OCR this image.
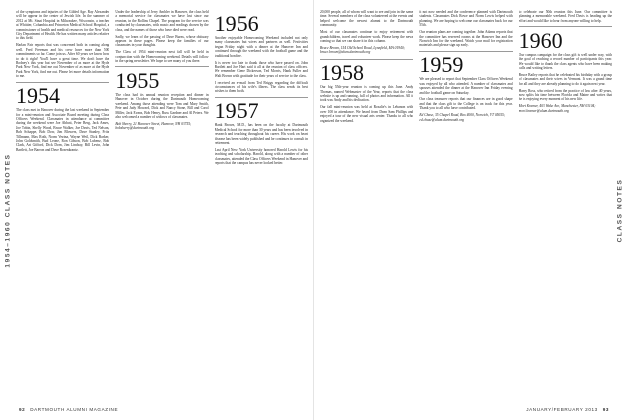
1954–1960 CLASS NOTES

of the symptoms and injuries of the Gilded Age. Ray Alexander will be appear in the center of Jewish life. In the summer of 2012 at Mt. Sinai Hospital in Milwaukee, Wisconsin, a teacher at Whittier, Columbia and Princeton Medical School Hospital, a commissioner of health and medical resources for the New York City Department of Health. He has written many articles relative to this field.

Harlan Fair reports that was concerned both in coming along well. Fred Freeman and his crew have more than 500 commitments so far. Come join us. After 60 years we know how to do it right! You'll have a great time. We don't have the Rodney's this year but see November of as more at the Hyde Park New York, find me out November of as more at the Hyde Park New York, find me out. Please let more details information to me.

1954

The class met in Hanover during the last weekend in September for a mini-reunion and Associate Board meeting during Class Officers Weekend. Classmates in attendance at committee during the weekend were Joe Abbott, Peter Berg, Jack Ames, Joe Tobin, Shelly Wood, Bruce Walker, Joe Davis, Ted Nelson, Bob Schappe, Bob Dow, Jim Blowers, Dave Stanley, Fritz Tillmann, Max Roth, Norm Vezina, Wayne Weil, Dick Barker, John Goldsmith, Bud Leone, Ron Gibson, Bob Lubenz, Bob Clark, Art Gifford, Dick Dorn, Jim Lindsay, Bill Levin, John Bartlett, Joe Barron and Dave Rosenkrantz.

Under the leadership of Jerry Ambler in Hanover, the class held a memorial service for classmates we have lost since our reunion, in the Rollins Chapel. The program for the service was conducted by classmates, with music and readings chosen by the class, and the names of those who have died were read.

Sadly, we learn of the passing of Dave Burns, whose obituary appears in these pages. Please keep the families of our classmates in your thoughts.

The Class of 1954 mini-reunion next fall will be held in conjunction with the Homecoming weekend. Details will follow in the spring newsletter. We hope to see many of you there.

1955

The class had its annual reunion reception and dinner in Hanover in October during the Dartmouth Homecoming weekend. Among those attending were Tom and Mary Smith, Pete and Judy Howard, Dick and Nancy Stone, Bill and Carol Miller, Jack Evans, Bob Henry, Russ Gardner and Al Peters. We also welcomed a number of widows of classmates.

Bob Sherry, 21 Hanover Street, Hanover, NH 03755; bobsherry@dartmouth.org
1956

Another enjoyable Homecoming Weekend included not only many classmates but wives and partners as well. Festivities began Friday night with a dinner at the Hanover Inn and continued through the weekend with the football game and the traditional bonfire.

It is never too late to thank those who have passed on. John Bartlett and Joe Hart said it all at the reunion of class officers. We remember Gene Dickerson, Ted Morris, Hank Fuller and Walt Brown with gratitude for their years of service to the class.

I received an e-mail from Ted Briggs regarding the difficult circumstances of his wife's illness. The class sends its best wishes to them both.

1957

Hank Brown, M.D., has been on the faculty at Dartmouth Medical School for more than 30 years and has been involved in research and teaching throughout his career. His work on heart disease has been widely published and he continues to consult in retirement.

Last April New York University honored Harold Lewis for his teaching and scholarship. Harold, along with a number of other classmates, attended the Class Officers Weekend in Hanover and reports that the campus has never looked better.

92 DARTMOUTH ALUMNI MAGAZINE

20,000 people, all of whom will want to see and join in the same time. Several members of the class volunteered at the events and helped welcome the newest alumni to the Dartmouth community.

Most of our classmates continue to enjoy retirement with grandchildren, travel and volunteer work. Please keep the news coming so that we can share it in this column.

Bruce Brown, 154 Old School Road, Lynnfield, MA 01940; bruce.brown@alum.dartmouth.org
1958

Our big 55th-year reunion is coming up this June. Andy Thomas, named Webmaster of the Year, reports that the class website is up and running, full of photos and information. All it took was Andy and his dedication.

Our fall mini-reunion was held at Rosalie's in Lebanon with over 100 in attendance. We heard from Dean Sam Phillips and enjoyed a tour of the new visual arts center. Thanks to all who organized the weekend.

it not now needed and the conference planned with Dartmouth students. Classmates Dick Rowe and Norm Lewis helped with planning. We are hoping to welcome our classmates back for our 55th.

Our reunion plans are coming together. John Adams reports that the committee has reserved rooms at the Hanover Inn and the Norwich Inn for the weekend. Watch your mail for registration materials and please sign up early.

1959

We are pleased to report that September Class Officers Weekend was enjoyed by all who attended. A number of classmates and spouses attended the dinner at the Hanover Inn Friday evening and the football game on Saturday.

Our class treasurer reports that our finances are in good shape and that the class gift to the College is on track for this year. Thank you to all who have contributed.

Ed Chase, 35 Chapel Road, Box 4000, Norwich, VT 05055; ed.chase@alum.dartmouth.org

to celebrate our 50th reunion this June. Our committee is planning a memorable weekend. Fred Davis is heading up the effort and would like to hear from anyone willing to help.

1960

Our campus campaign for the class gift is well under way, with the goal of reaching a record number of participants this year. We would like to thank the class agents who have been making calls and writing letters.

Bruce Bailey reports that he celebrated his birthday with a group of classmates and their wives in Vermont. It was a grand time for all and they are already planning to do it again next year.

Harry Ross, who retired from the practice of law after 40 years, now splits his time between Florida and Maine and writes that he is enjoying every moment of his new life.

Mort Kramer, 403 Wake Ave, Manchester, NH 03104; mort.kramer@alum.dartmouth.org
CLASS NOTES
JANUARY/FEBRUARY 2013 93
